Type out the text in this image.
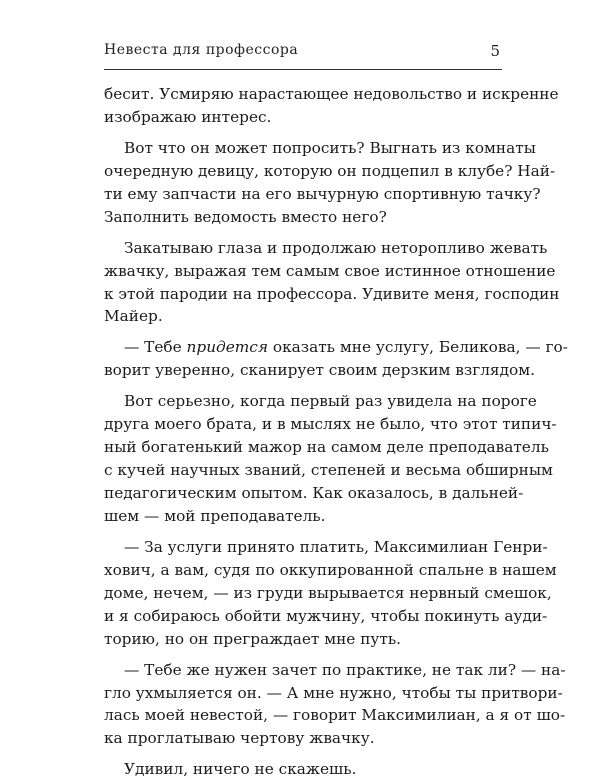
Невеста для профессора	5
бесит. Усмиряю нарастающее недовольство и искренне
изображаю интерес.
Вот что он может попросить? Выгнать из комнаты
очередную девицу, которую он подцепил в клубе? Най-
ти ему запчасти на его вычурную спортивную тачку?
Заполнить ведомость вместо него?
Закатываю глаза и продолжаю неторопливо жевать
жвачку, выражая тем самым свое истинное отношение
к этой пародии на профессора. Удивите меня, господин
Майер.
— Тебе придется оказать мне услугу, Беликова, — го-
ворит уверенно, сканирует своим дерзким взглядом.
Вот серьезно, когда первый раз увидела на пороге
друга моего брата, и в мыслях не было, что этот типич-
ный богатенький мажор на самом деле преподаватель
с кучей научных званий, степеней и весьма обширным
педагогическим опытом. Как оказалось, в дальней-
шем — мой преподаватель.
— За услуги принято платить, Максимилиан Генри-
хович, а вам, судя по оккупированной спальне в нашем
доме, нечем, — из груди вырывается нервный смешок,
и я собираюсь обойти мужчину, чтобы покинуть ауди-
торию, но он преграждает мне путь.
— Тебе же нужен зачет по практике, не так ли? — на-
гло ухмыляется он. — А мне нужно, чтобы ты притвори-
лась моей невестой, — говорит Максимилиан, а я от шо-
ка проглатываю чертову жвачку.
Удивил, ничего не скажешь.
